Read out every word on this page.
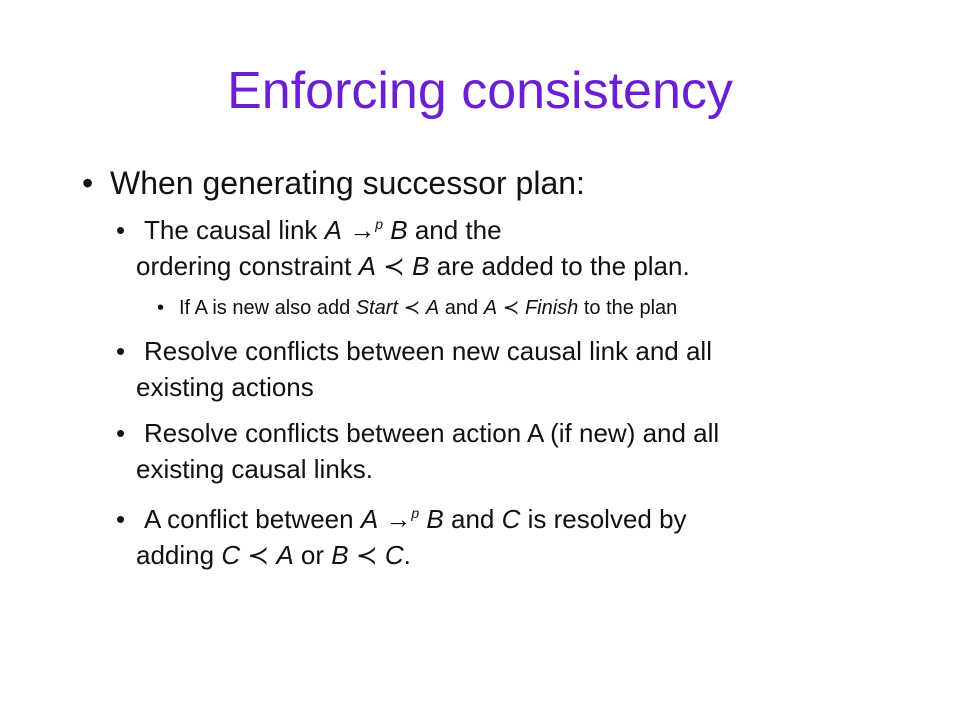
Enforcing consistency
• When generating successor plan:
• The causal link A →$^p$ B and the
ordering constraint A ≺ B are added to the plan.
• If A is new also add Start ≺ A and A ≺ Finish to the plan
• Resolve conflicts between new causal link and all
existing actions
• Resolve conflicts between action A (if new) and all
existing causal links.
• A conflict between A →$^p$ B and C is resolved by
adding C ≺ A or B ≺ C.
